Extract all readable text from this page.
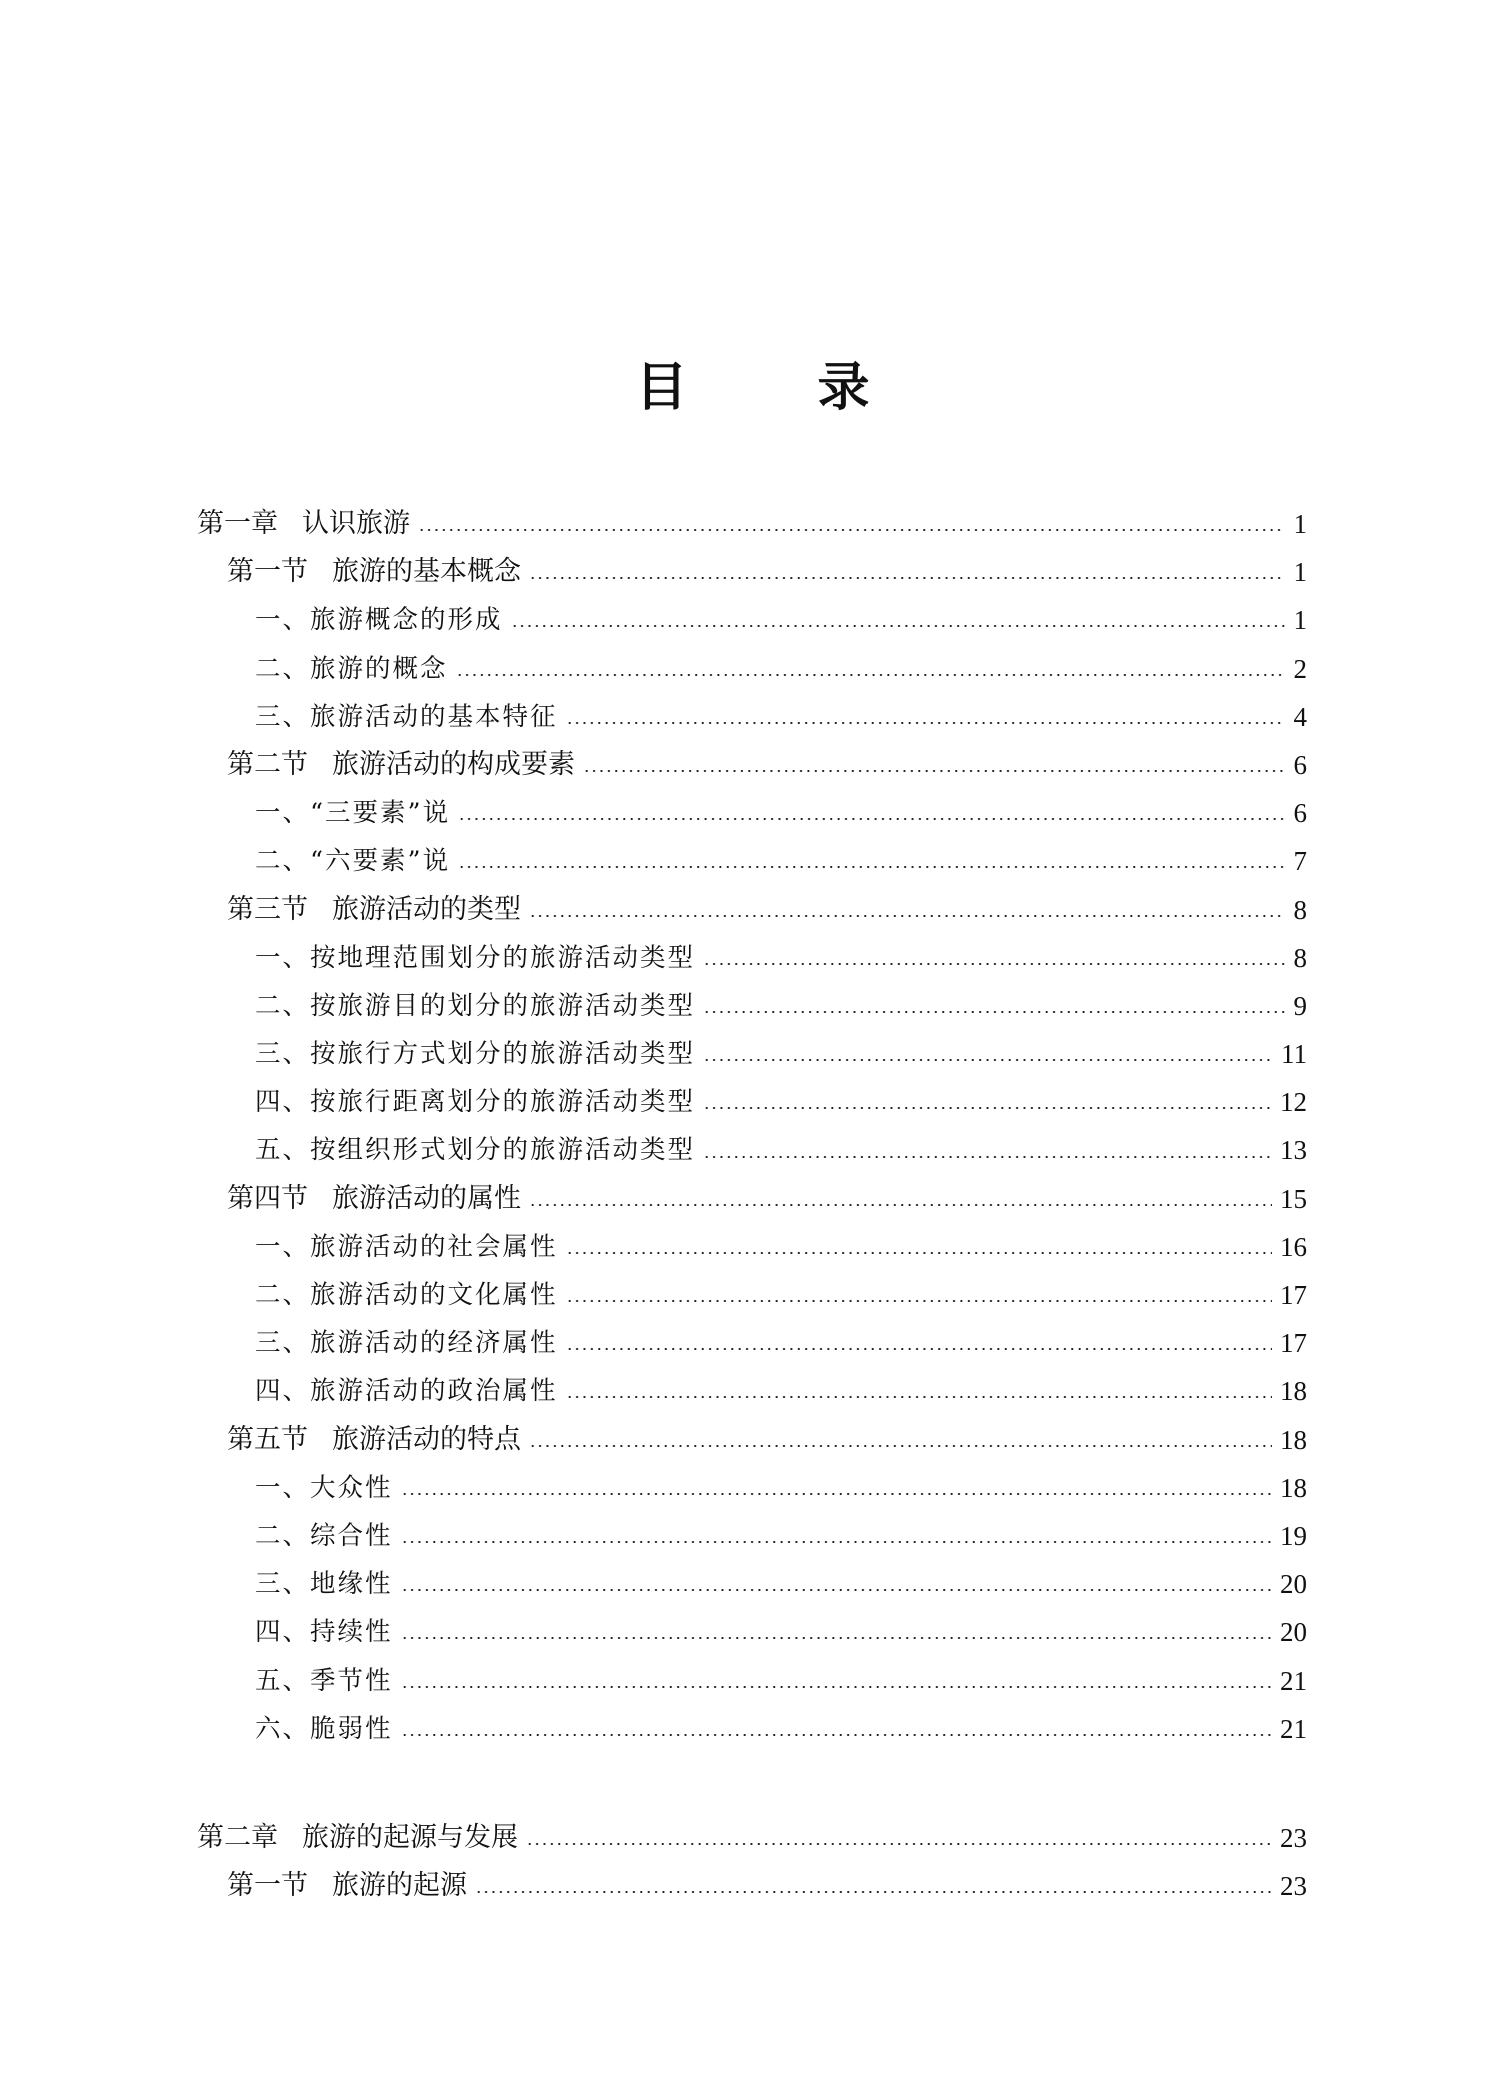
目	录
第一章 认识旅游	1
第一节 旅游的基本概念	1
一、旅游概念的形成	1
二、旅游的概念	2
三、旅游活动的基本特征	4
第二节 旅游活动的构成要素	6
一、“三要素”说	6
二、“六要素”说	7
第三节 旅游活动的类型	8
一、按地理范围划分的旅游活动类型	8
二、按旅游目的划分的旅游活动类型	9
三、按旅行方式划分的旅游活动类型	11
四、按旅行距离划分的旅游活动类型	12
五、按组织形式划分的旅游活动类型	13
第四节 旅游活动的属性	15
一、旅游活动的社会属性	16
二、旅游活动的文化属性	17
三、旅游活动的经济属性	17
四、旅游活动的政治属性	18
第五节 旅游活动的特点	18
一、大众性	18
二、综合性	19
三、地缘性	20
四、持续性	20
五、季节性	21
六、脆弱性	21
第二章 旅游的起源与发展	23
第一节 旅游的起源	23
